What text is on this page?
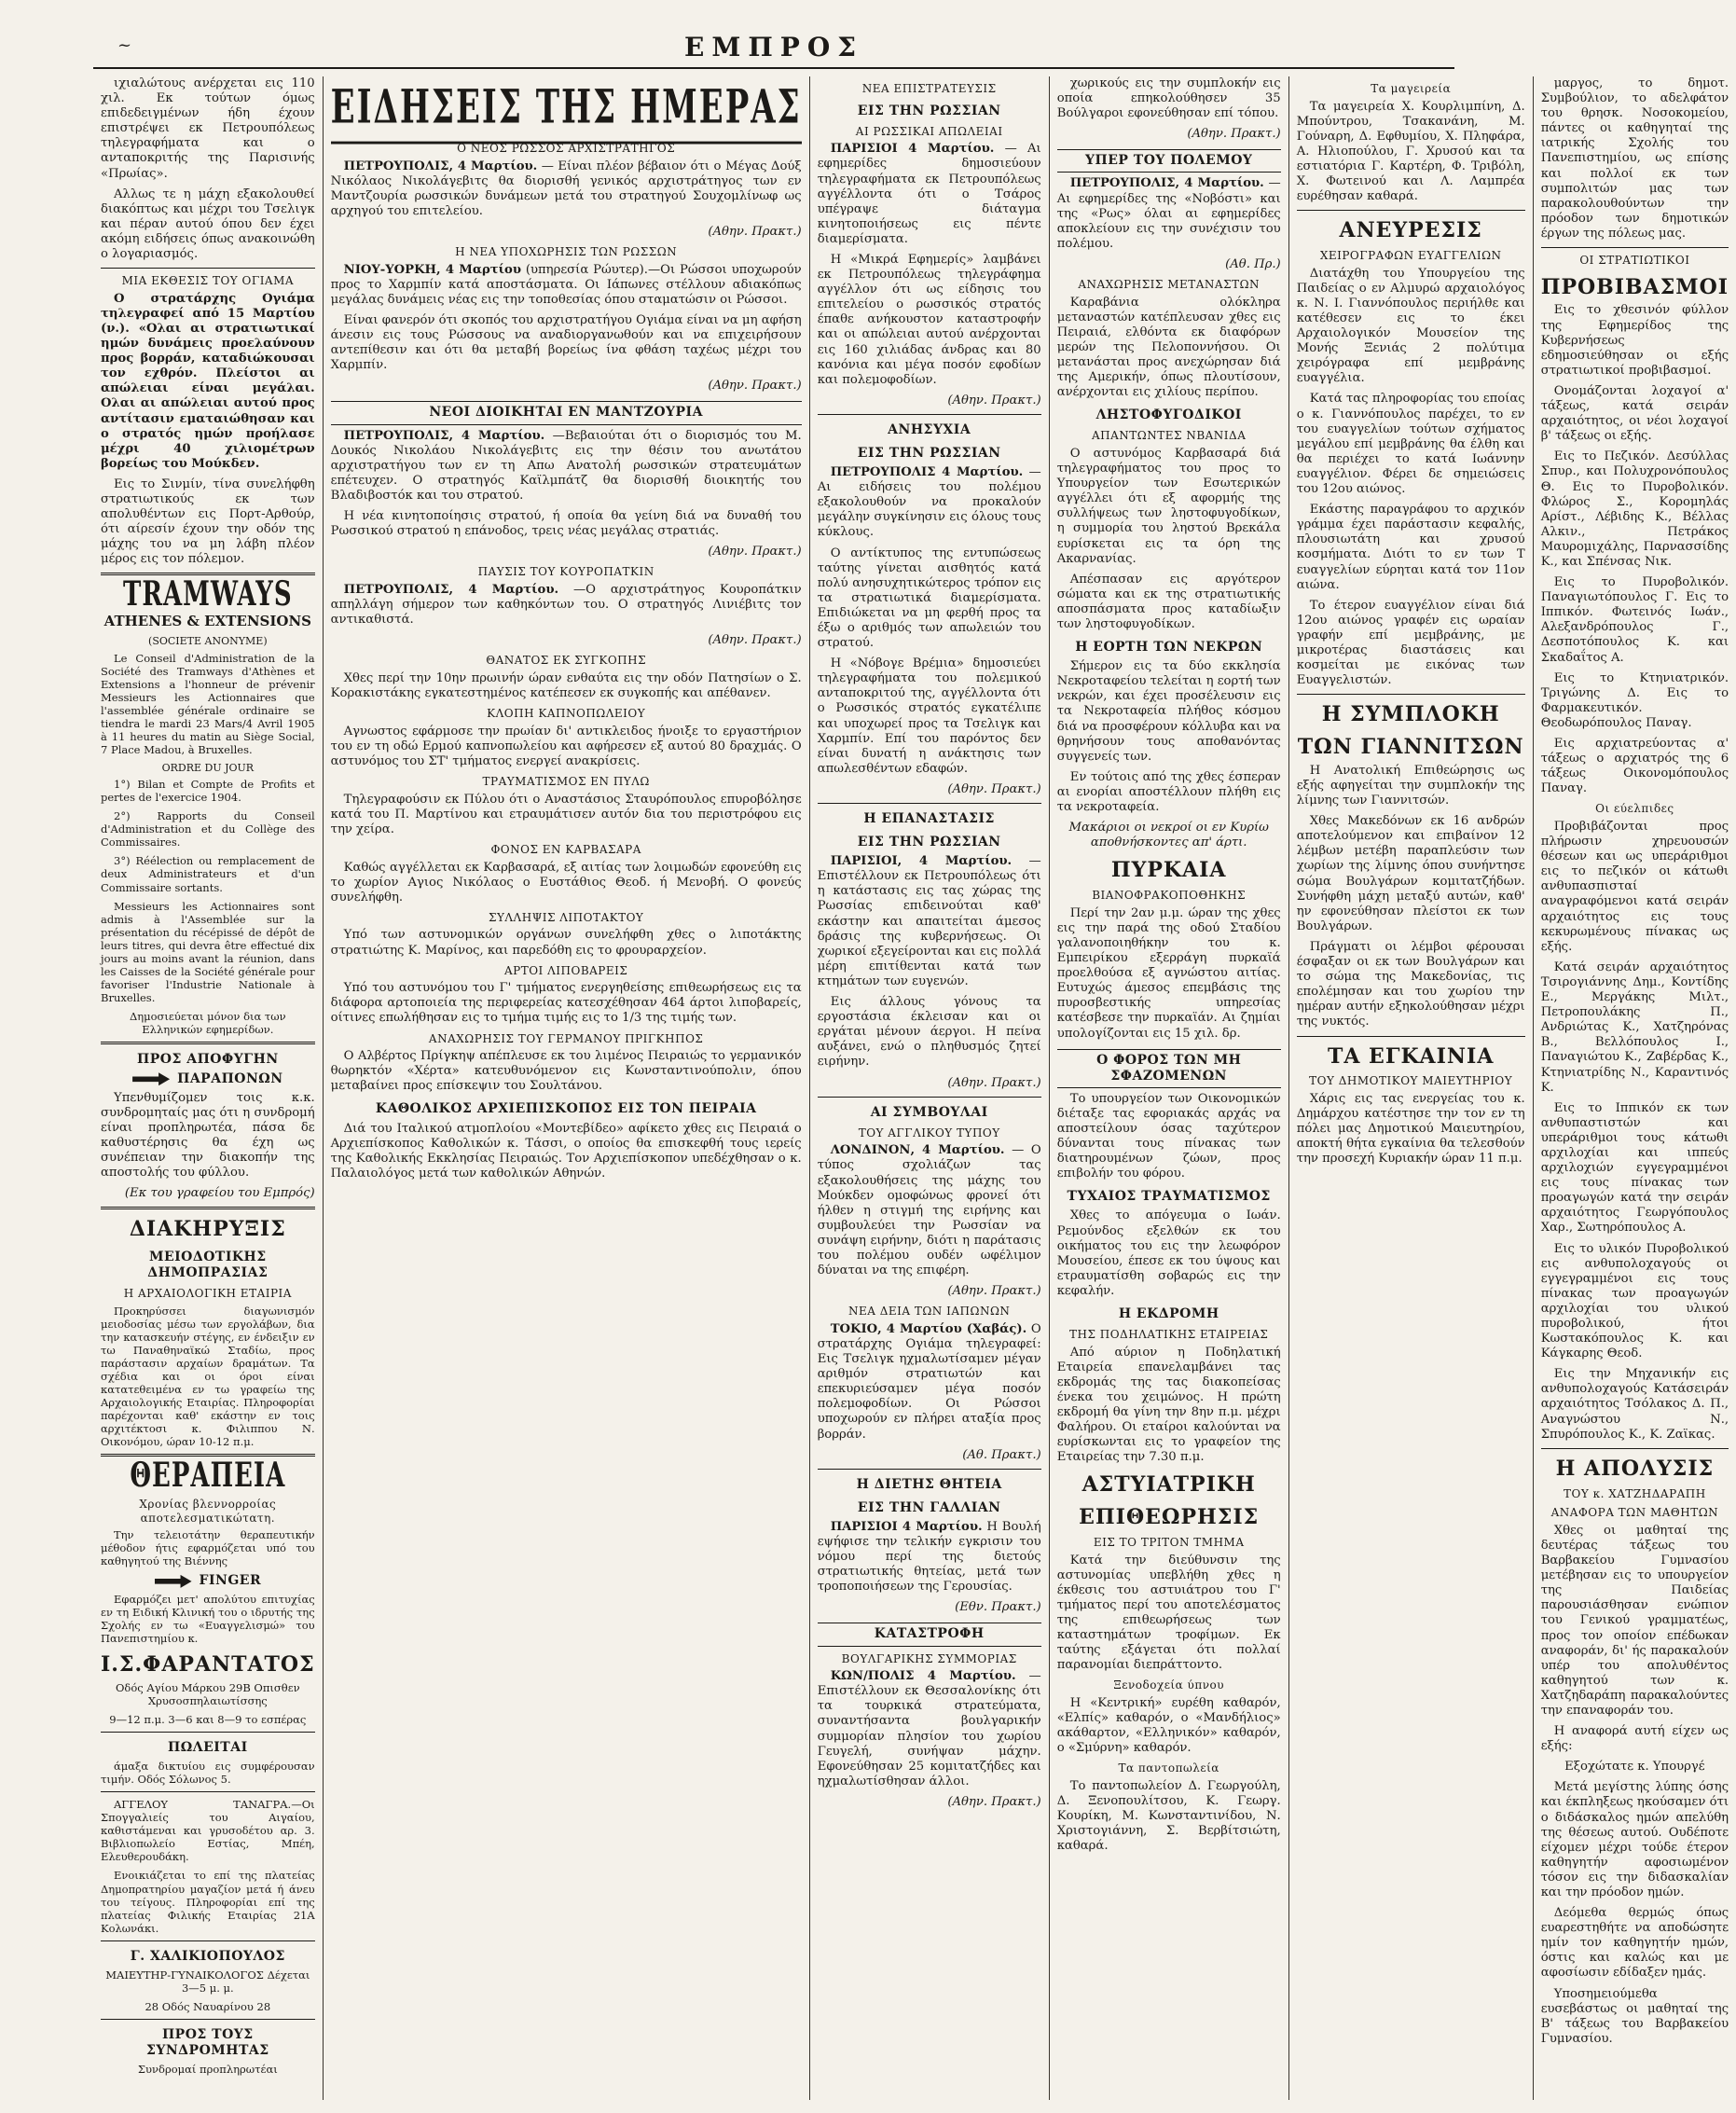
~	ΕΜΠΡΟΣ

ιχιαλώτους ανέρχεται εις 110 χιλ. Εκ τούτων όμως επιδεδειγμένων ήδη έχουν επιστρέψει εκ Πετρουπόλεως τηλεγραφήματα και ο ανταποκριτής της Παρισινής «Πρωίας».

Αλλως τε η μάχη εξακολουθεί διακόπτως και μέχρι του Τσελιγκ και πέραν αυτού όπου δεν έχει ακόμη ειδήσεις όπως ανακοινώθη ο λογαριασμός.

ΜΙΑ ΕΚΘΕΣΙΣ ΤΟΥ ΟΓΙΑΜΑ

Ο στρατάρχης Ογιάμα τηλεγραφεί από 15 Μαρτίου (ν.). «Ολαι αι στρατιωτικαί ημών δυνάμεις προελαύνουν προς βορράν, καταδιώκουσαι τον εχθρόν. Πλείστοι αι απώλειαι είναι μεγάλαι. Ολαι αι απώλειαι αυτού προς αντίτασιν εματαιώθησαν και ο στρατός ημών προήλασε μέχρι 40 χιλιομέτρων βορείως του Μούκδεν.

Εις το Σινμίν, τίνα συνελήφθη στρατιωτικούς εκ των απολυθέντων εις Πορτ-Αρθούρ, ότι αίρεσίν έχουν την οδόν της μάχης του να μη λάβη πλέον μέρος εις τον πόλεμον.

TRAMWAYS
ATHENES & EXTENSIONS
(SOCIETE ANONYME)

Le Conseil d'Administration de la Société des Tramways d'Athènes et Extensions a l'honneur de prévenir Messieurs les Actionnaires que l'assemblée générale ordinaire se tiendra le mardi 23 Mars/4 Avril 1905 à 11 heures du matin au Siège Social, 7 Place Madou, à Bruxelles.

ORDRE DU JOUR

1°) Bilan et Compte de Profits et pertes de l'exercice 1904.

2°) Rapports du Conseil d'Administration et du Collège des Commissaires.

3°) Réélection ou remplacement de deux Administrateurs et d'un Commissaire sortants.

Messieurs les Actionnaires sont admis à l'Assemblée sur la présentation du récépissé de dépôt de leurs titres, qui devra être effectué dix jours au moins avant la réunion, dans les Caisses de la Société générale pour favoriser l'Industrie Nationale à Bruxelles.

Δημοσιεύεται μόνον δια των Ελληνικών εφημερίδων.

ΠΡΟΣ ΑΠΟΦΥΓΗΝ
ΠΑΡΑΠΟΝΩΝ

Υπενθυμίζομεν τοις κ.κ. συνδρομηταίς μας ότι η συνδρομή είναι προπληρωτέα, πάσα δε καθυστέρησις θα έχη ως συνέπειαν την διακοπήν της αποστολής του φύλλου.

(Εκ του γραφείου του Εμπρός)

ΔΙΑΚΗΡΥΞΙΣ
ΜΕΙΟΔΟΤΙΚΗΣ ΔΗΜΟΠΡΑΣΙΑΣ
Η ΑΡΧΑΙΟΛΟΓΙΚΗ ΕΤΑΙΡΙΑ

Προκηρύσσει διαγωνισμόν μειοδοσίας μέσω των εργολάβων, δια την κατασκευήν στέγης, εν ένδειξιν εν τω Παναθηναϊκώ Σταδίω, προς παράστασιν αρχαίων δραμάτων. Τα σχέδια και οι όροι είναι κατατεθειμένα εν τω γραφείω της Αρχαιολογικής Εταιρίας. Πληροφορίαι παρέχονται καθ' εκάστην εν τοις αρχιτέκτοσι κ. Φιλιππου Ν. Οικονόμου, ώραν 10-12 π.μ.

ΘΕΡΑΠΕΙΑ
Χρονίας βλεννορροίας αποτελεσματικώτατη.

Την τελειοτάτην θεραπευτικήν μέθοδον ήτις εφαρμόζεται υπό του καθηγητού της Βιέννης

FINGER

Εφαρμόζει μετ' απολύτου επιτυχίας εν τη Ειδική Κλινική του ο ιδρυτής της Σχολής εν τω «Ευαγγελισμώ» του Πανεπιστημίου κ.

Ι.Σ.ΦΑΡΑΝΤΑΤΟΣ

Οδός Αγίου Μάρκου 29Β Οπισθεν Χρυσοσπηλαιωτίσσης

9—12 π.μ. 3—6 και 8—9 το εσπέρας

ΠΩΛΕΙΤΑΙ

άμαξα δικτυίου εις συμφέρουσαν τιμήν. Οδός Σόλωνος 5.

ΑΓΓΕΛΟΥ ΤΑΝΑΓΡΑ.—Οι Σπογγαλιείς του Αιγαίου, καθιστάμεναι και γρυσοδέτου αρ. 3. Βιβλιοπωλείο Εστίας, Μπέη, Ελευθερουδάκη.

Ενοικιάζεται το επί της πλατείας Δημοπρατηρίου μαγαζίον μετά ή άνευ του τείγους. Πληροφορίαι επί της πλατείας Φιλικής Εταιρίας 21Α Κολωνάκι.

Γ. ΧΑΛΙΚΙΟΠΟΥΛΟΣ

ΜΑΙΕΥΤΗΡ-ΓΥΝΑΙΚΟΛΟΓΟΣ Δέχεται 3—5 μ. μ.

28 Οδός Ναυαρίνου 28

ΠΡΟΣ ΤΟΥΣ ΣΥΝΔΡΟΜΗΤΑΣ

Συνδρομαί προπληρωτέαι

ΕΙΔΗΣΕΙΣ ΤΗΣ ΗΜΕΡΑΣ
Ο ΝΕΟΣ ΡΩΣΣΟΣ ΑΡΧΙΣΤΡΑΤΗΓΟΣ

ΠΕΤΡΟΥΠΟΛΙΣ, 4 Μαρτίου. — Είναι πλέον βέβαιον ότι ο Μέγας Δούξ Νικόλαος Νικολάγεβιτς θα διορισθή γενικός αρχιστράτηγος των εν Μαντζουρία ρωσσικών δυνάμεων μετά του στρατηγού Σουχομλίνωφ ως αρχηγού του επιτελείου.

(Αθην. Πρακτ.)

Η ΝΕΑ ΥΠΟΧΩΡΗΣΙΣ ΤΩΝ ΡΩΣΣΩΝ

ΝΙΟΥ-ΥΟΡΚΗ, 4 Μαρτίου (υπηρεσία Ρώυτερ).—Οι Ρώσσοι υποχωρούν προς το Χαρμπίν κατά αποστάσματα. Οι Ιάπωνες στέλλουν αδιακόπως μεγάλας δυνάμεις νέας εις την τοποθεσίας όπου σταματώσιν οι Ρώσσοι.

Είναι φανερόν ότι σκοπός του αρχιστρατήγου Ογιάμα είναι να μη αφήση άνεσιν εις τους Ρώσσους να αναδιοργανωθούν και να επιχειρήσουν αντεπίθεσιν και ότι θα μεταβή βορείως ίνα φθάση ταχέως μέχρι του Χαρμπίν.

(Αθην. Πρακτ.)

ΝΕΟΙ ΔΙΟΙΚΗΤΑΙ ΕΝ ΜΑΝΤΖΟΥΡΙΑ

ΠΕΤΡΟΥΠΟΛΙΣ, 4 Μαρτίου. —Βεβαιούται ότι ο διορισμός του Μ. Δουκός Νικολάου Νικολάγεβιτς εις την θέσιν του ανωτάτου αρχιστρατήγου των εν τη Απω Ανατολή ρωσσικών στρατευμάτων επέτευχεν. Ο στρατηγός Καϊλμπάτζ θα διορισθή διοικητής του Βλαδιβοστόκ και του στρατού.

Η νέα κινητοποίησις στρατού, ή οποία θα γείνη διά να δυναθή του Ρωσσικού στρατού η επάνοδος, τρεις νέας μεγάλας στρατιάς.

(Αθην. Πρακτ.)

ΠΑΥΣΙΣ ΤΟΥ ΚΟΥΡΟΠΑΤΚΙΝ

ΠΕΤΡΟΥΠΟΛΙΣ, 4 Μαρτίου. —Ο αρχιστράτηγος Κουροπάτκιν απηλλάγη σήμερον των καθηκόντων του. Ο στρατηγός Λινιέβιτς τον αντικαθιστά.

(Αθην. Πρακτ.)

ΘΑΝΑΤΟΣ ΕΚ ΣΥΓΚΟΠΗΣ

Χθες περί την 10ην πρωινήν ώραν ενθαύτα εις την οδόν Πατησίων ο Σ. Κορακιστάκης εγκατεστημένος κατέπεσεν εκ συγκοπής και απέθανεν.

ΚΛΟΠΗ ΚΑΠΝΟΠΩΛΕΙΟΥ

Αγνωστος εφάρμοσε την πρωίαν δι' αντικλειδος ήνοιξε το εργαστήριον του εν τη οδώ Ερμού καπνοπωλείου και αφήρεσεν εξ αυτού 80 δραχμάς. Ο αστυνόμος του ΣΤ' τμήματος ενεργεί ανακρίσεις.

ΤΡΑΥΜΑΤΙΣΜΟΣ ΕΝ ΠΥΛΩ

Τηλεγραφούσιν εκ Πύλου ότι ο Αναστάσιος Σταυρόπουλος επυροβόλησε κατά του Π. Μαρτίνου και ετραυμάτισεν αυτόν δια του περιστρόφου εις την χείρα.

ΦΟΝΟΣ ΕΝ ΚΑΡΒΑΣΑΡΑ

Καθώς αγγέλλεται εκ Καρβασαρά, εξ αιτίας των λοιμωδών εφονεύθη εις το χωρίον Αγιος Νικόλαος ο Ευστάθιος Θεοδ. ή Μενοβή. Ο φονεύς συνελήφθη.

ΣΥΛΛΗΨΙΣ ΛΙΠΟΤΑΚΤΟΥ

Υπό των αστυνομικών οργάνων συνελήφθη χθες ο λιποτάκτης στρατιώτης Κ. Μαρίνος, και παρεδόθη εις το φρουραρχείον.

ΑΡΤΟΙ ΛΙΠΟΒΑΡΕΙΣ

Υπό του αστυνόμου του Γ' τμήματος ενεργηθείσης επιθεωρήσεως εις τα διάφορα αρτοποιεία της περιφερείας κατεσχέθησαν 464 άρτοι λιποβαρείς, οίτινες επωλήθησαν εις το τμήμα τιμής εις το 1/3 της τιμής των.

ΑΝΑΧΩΡΗΣΙΣ ΤΟΥ ΓΕΡΜΑΝΟΥ ΠΡΙΓΚΗΠΟΣ

Ο Αλβέρτος Πρίγκηψ απέπλευσε εκ του λιμένος Πειραιώς το γερμανικόν θωρηκτόν «Χέρτα» κατευθυνόμενον εις Κωνσταντινούπολιν, όπου μεταβαίνει προς επίσκεψιν του Σουλτάνου.

ΚΑΘΟΛΙΚΟΣ ΑΡΧΙΕΠΙΣΚΟΠΟΣ ΕΙΣ ΤΟΝ ΠΕΙΡΑΙΑ

Διά του Ιταλικού ατμοπλοίου «Μοντεβίδεο» αφίκετο χθες εις Πειραιά ο Αρχιεπίσκοπος Καθολικών κ. Τάσσι, ο οποίος θα επισκεφθή τους ιερείς της Καθολικής Εκκλησίας Πειραιώς. Τον Αρχιεπίσκοπον υπεδέχθησαν ο κ. Παλαιολόγος μετά των καθολικών Αθηνών.

ΝΕΑ ΕΠΙΣΤΡΑΤΕΥΣΙΣ
ΕΙΣ ΤΗΝ ΡΩΣΣΙΑΝ
ΑΙ ΡΩΣΣΙΚΑΙ ΑΠΩΛΕΙΑΙ

ΠΑΡΙΣΙΟΙ 4 Μαρτίου. — Αι εφημερίδες δημοσιεύουν τηλεγραφήματα εκ Πετρουπόλεως αγγέλλοντα ότι ο Τσάρος υπέγραψε διάταγμα κινητοποιήσεως εις πέντε διαμερίσματα.

Η «Μικρά Εφημερίς» λαμβάνει εκ Πετρουπόλεως τηλεγράφημα αγγέλλον ότι ως είδησις του επιτελείου ο ρωσσικός στρατός έπαθε ανήκουστον καταστροφήν και οι απώλειαι αυτού ανέρχονται εις 160 χιλιάδας άνδρας και 80 κανόνια και μέγα ποσόν εφοδίων και πολεμοφοδίων.

(Αθην. Πρακτ.)

ΑΝΗΣΥΧΙΑ
ΕΙΣ ΤΗΝ ΡΩΣΣΙΑΝ

ΠΕΤΡΟΥΠΟΛΙΣ 4 Μαρτίου. —Αι ειδήσεις του πολέμου εξακολουθούν να προκαλούν μεγάλην συγκίνησιν εις όλους τους κύκλους.

Ο αντίκτυπος της εντυπώσεως ταύτης γίνεται αισθητός κατά πολύ ανησυχητικώτερος τρόπον εις τα στρατιωτικά διαμερίσματα. Επιδιώκεται να μη φερθή προς τα έξω ο αριθμός των απωλειών του στρατού.

Η «Νόβογε Βρέμια» δημοσιεύει τηλεγραφήματα του πολεμικού ανταποκριτού της, αγγέλλοντα ότι ο Ρωσσικός στρατός εγκατέλιπε και υποχωρεί προς τα Τσελιγκ και Χαρμπίν. Επί του παρόντος δεν είναι δυνατή η ανάκτησις των απωλεσθέντων εδαφών.

(Αθην. Πρακτ.)

Η ΕΠΑΝΑΣΤΑΣΙΣ
ΕΙΣ ΤΗΝ ΡΩΣΣΙΑΝ

ΠΑΡΙΣΙΟΙ, 4 Μαρτίου. —Επιστέλλουν εκ Πετρουπόλεως ότι η κατάστασις εις τας χώρας της Ρωσσίας επιδεινούται καθ' εκάστην και απαιτείται άμεσος δράσις της κυβερνήσεως. Οι χωρικοί εξεγείρονται και εις πολλά μέρη επιτίθενται κατά των κτημάτων των ευγενών.

Εις άλλους γόνους τα εργοστάσια έκλεισαν και οι εργάται μένουν άεργοι. Η πείνα αυξάνει, ενώ ο πληθυσμός ζητεί ειρήνην.

(Αθην. Πρακτ.)

ΑΙ ΣΥΜΒΟΥΛΑΙ
ΤΟΥ ΑΓΓΛΙΚΟΥ ΤΥΠΟΥ

ΛΟΝΔΙΝΟΝ, 4 Μαρτίου. — Ο τύπος σχολιάζων τας εξακολουθήσεις της μάχης του Μούκδεν ομοφώνως φρονεί ότι ήλθεν η στιγμή της ειρήνης και συμβουλεύει την Ρωσσίαν να συνάψη ειρήνην, διότι η παράτασις του πολέμου ουδέν ωφέλιμον δύναται να της επιφέρη.

(Αθην. Πρακτ.)

ΝΕΑ ΔΕΙΑ ΤΩΝ ΙΑΠΩΝΩΝ

ΤΟΚΙΟ, 4 Μαρτίου (Χαβάς). Ο στρατάρχης Ογιάμα τηλεγραφεί: Εις Τσελιγκ ηχμαλωτίσαμεν μέγαν αριθμόν στρατιωτών και επεκυριεύσαμεν μέγα ποσόν πολεμοφοδίων. Οι Ρώσσοι υποχωρούν εν πλήρει αταξία προς βορράν.

(Αθ. Πρακτ.)

Η ΔΙΕΤΗΣ ΘΗΤΕΙΑ
ΕΙΣ ΤΗΝ ΓΑΛΛΙΑΝ

ΠΑΡΙΣΙΟΙ 4 Μαρτίου. Η Βουλή εψήφισε την τελικήν εγκρισιν του νόμου περί της διετούς στρατιωτικής θητείας, μετά των τροποποιήσεων της Γερουσίας.

(Εθν. Πρακτ.)

ΚΑΤΑΣΤΡΟΦΗ
ΒΟΥΛΓΑΡΙΚΗΣ ΣΥΜΜΟΡΙΑΣ

ΚΩΝ/ΠΟΛΙΣ 4 Μαρτίου. —Επιστέλλουν εκ Θεσσαλονίκης ότι τα τουρκικά στρατεύματα, συναντήσαντα βουλγαρικήν συμμορίαν πλησίον του χωρίου Γευγελή, συνήψαν μάχην. Εφονεύθησαν 25 κομιτατζήδες και ηχμαλωτίσθησαν άλλοι.

(Αθην. Πρακτ.)

χωρικούς εις την συμπλοκήν εις οποία επηκολούθησεν 35 Βούλγαροι εφονεύθησαν επί τόπου.

(Αθην. Πρακτ.)

ΥΠΕΡ ΤΟΥ ΠΟΛΕΜΟΥ

ΠΕΤΡΟΥΠΟΛΙΣ, 4 Μαρτίου. — Αι εφημερίδες της «Νοβόστι» και της «Ρως» όλαι αι εφημερίδες αποκλείουν εις την συνέχισιν του πολέμου.

(Αθ. Πρ.)

ΑΝΑΧΩΡΗΣΙΣ ΜΕΤΑΝΑΣΤΩΝ

Καραβάνια ολόκληρα μεταναστών κατέπλευσαν χθες εις Πειραιά, ελθόντα εκ διαφόρων μερών της Πελοποννήσου. Οι μετανάσται προς ανεχώρησαν διά της Αμερικήν, όπως πλουτίσουν, ανέρχονται εις χιλίους περίπου.

ΛΗΣΤΟΦΥΓΟΔΙΚΟΙ
ΑΠΑΝΤΩΝΤΕΣ ΝΒΑΝΙΔΑ

Ο αστυνόμος Καρβασαρά διά τηλεγραφήματος του προς το Υπουργείον των Εσωτερικών αγγέλλει ότι εξ αφορμής της συλλήψεως των ληστοφυγοδίκων, η συμμορία του ληστού Βρεκάλα ευρίσκεται εις τα όρη της Ακαρνανίας.

Απέσπασαν εις αργότερον σώματα και εκ της στρατιωτικής αποσπάσματα προς καταδίωξιν των ληστοφυγοδίκων.

Η ΕΟΡΤΗ ΤΩΝ ΝΕΚΡΩΝ

Σήμερον εις τα δύο εκκλησία Νεκροταφείου τελείται η εορτή των νεκρών, και έχει προσέλευσιν εις τα Νεκροταφεία πλήθος κόσμου διά να προσφέρουν κόλλυβα και να θρηνήσουν τους αποθανόντας συγγενείς των.

Εν τούτοις από της χθες έσπεραν αι ενορίαι αποστέλλουν πλήθη εις τα νεκροταφεία.

Μακάριοι οι νεκροί οι εν Κυρίω αποθνήσκοντες απ' άρτι.

ΠΥΡΚΑΙΑ
ΒΙΑΝΟΦΡΑΚΟΠΟΘΗΚΗΣ

Περί την 2αν μ.μ. ώραν της χθες εις την παρά της οδού Σταδίου γαλανοποιηθήκην του κ. Εμπειρίκου εξερράγη πυρκαϊά προελθούσα εξ αγνώστου αιτίας. Ευτυχώς άμεσος επεμβάσις της πυροσβεστικής υπηρεσίας κατέσβεσε την πυρκαϊάν. Αι ζημίαι υπολογίζονται εις 15 χιλ. δρ.

Ο ΦΟΡΟΣ ΤΩΝ ΜΗ ΣΦΑΖΟΜΕΝΩΝ

Το υπουργείον των Οικονομικών διέταξε τας εφοριακάς αρχάς να αποστείλουν όσας ταχύτερον δύνανται τους πίνακας των διατηρουμένων ζώων, προς επιβολήν του φόρου.

ΤΥΧΑΙΟΣ ΤΡΑΥΜΑΤΙΣΜΟΣ

Χθες το απόγευμα ο Ιωάν. Ρεμούνδος εξελθών εκ του οικήματος του εις την λεωφόρον Μουσείου, έπεσε εκ του ύψους και ετραυματίσθη σοβαρώς εις την κεφαλήν.

Η ΕΚΔΡΟΜΗ
ΤΗΣ ΠΟΔΗΛΑΤΙΚΗΣ ΕΤΑΙΡΕΙΑΣ

Από αύριον η Ποδηλατική Εταιρεία επανελαμβάνει τας εκδρομάς της τας διακοπείσας ένεκα του χειμώνος. Η πρώτη εκδρομή θα γίνη την 8ην π.μ. μέχρι Φαλήρου. Οι εταίροι καλούνται να ευρίσκωνται εις το γραφείον της Εταιρείας την 7.30 π.μ.

ΑΣΤΥΙΑΤΡΙΚΗ
ΕΠΙΘΕΩΡΗΣΙΣ
ΕΙΣ ΤΟ ΤΡΙΤΟΝ ΤΜΗΜΑ

Κατά την διεύθυνσιν της αστυνομίας υπεβλήθη χθες η έκθεσις του αστυιάτρου του Γ' τμήματος περί του αποτελέσματος της επιθεωρήσεως των καταστημάτων τροφίμων. Εκ ταύτης εξάγεται ότι πολλαί παρανομίαι διεπράττοντο.

Ξενοδοχεία ύπνου

Η «Κεντρική» ευρέθη καθαρόν, «Ελπίς» καθαρόν, ο «Μανδήλιος» ακάθαρτον, «Ελληνικόν» καθαρόν, ο «Σμύρνη» καθαρόν.

Τα παντοπωλεία

Το παντοπωλείον Δ. Γεωργούλη, Δ. Ξενοπουλίτσου, Κ. Γεωργ. Κουρίκη, Μ. Κωνσταντινίδου, Ν. Χριστογιάννη, Σ. Βερβίτσιώτη, καθαρά.

Τα μαγειρεία

Τα μαγειρεία Χ. Κουρλιμπίνη, Δ. Μπούντρου, Τσακανάνη, Μ. Γούναρη, Δ. Εφθυμίου, Χ. Πληφάρα, Α. Ηλιοπούλου, Γ. Χρυσού και τα εστιατόρια Γ. Καρτέρη, Φ. Τριβόλη, Χ. Φωτεινού και Λ. Λαμπρέα ευρέθησαν καθαρά.

ΑΝΕΥΡΕΣΙΣ
ΧΕΙΡΟΓΡΑΦΩΝ ΕΥΑΓΓΕΛΙΩΝ

Διατάχθη του Υπουργείου της Παιδείας ο εν Αλμυρώ αρχαιολόγος κ. Ν. Ι. Γιαννόπουλος περιήλθε και κατέθεσεν εις το έκει Αρχαιολογικόν Μουσείον της Μονής Ξενιάς 2 πολύτιμα χειρόγραφα επί μεμβράνης ευαγγέλια.

Κατά τας πληροφορίας του εποίας ο κ. Γιαννόπουλος παρέχει, το εν του ευαγγελίων τούτων σχήματος μεγάλου επί μεμβράνης θα έλθη και θα περιέχει το κατά Ιωάννην ευαγγέλιον. Φέρει δε σημειώσεις του 12ου αιώνος.

Εκάστης παραγράφου το αρχικόν γράμμα έχει παράστασιν κεφαλής, πλουσιωτάτη και χρυσού κοσμήματα. Διότι το εν των Τ ευαγγελίων εύρηται κατά τον 11ον αιώνα.

Το έτερον ευαγγέλιον είναι διά 12ου αιώνος γραφέν εις ωραίαν γραφήν επί μεμβράνης, με μικροτέρας διαστάσεις και κοσμείται με εικόνας των Ευαγγελιστών.

Η ΣΥΜΠΛΟΚΗ
ΤΩΝ ΓΙΑΝΝΙΤΣΩΝ

Η Ανατολική Επιθεώρησις ως εξής αφηγείται την συμπλοκήν της λίμνης των Γιαννιτσών.

Χθες Μακεδόνων εκ 16 ανδρών αποτελούμενον και επιβαίνον 12 λέμβων μετέβη παραπλεύσιν των χωρίων της λίμνης όπου συνήντησε σώμα Βουλγάρων κομιτατζήδων. Συνήφθη μάχη μεταξύ αυτών, καθ' ην εφονεύθησαν πλείστοι εκ των Βουλγάρων.

Πράγματι οι λέμβοι φέρουσαι έσφαξαν οι εκ των Βουλγάρων και το σώμα της Μακεδονίας, τις επολέμησαν και του χωρίου την ημέραν αυτήν εξηκολούθησαν μέχρι της νυκτός.

ΤΑ ΕΓΚΑΙΝΙΑ
ΤΟΥ ΔΗΜΟΤΙΚΟΥ ΜΑΙΕΥΤΗΡΙΟΥ

Χάρις εις τας ενεργείας του κ. Δημάρχου κατέστησε την τον εν τη πόλει μας Δημοτικού Μαιευτηρίου, αποκτή θήτα εγκαίνια θα τελεσθούν την προσεχή Κυριακήν ώραν 11 π.μ.

μαργος, το δημοτ. Συμβούλιον, το αδελφάτον του θρησκ. Νοσοκομείου, πάντες οι καθηγηταί της ιατρικής Σχολής του Πανεπιστημίου, ως επίσης και πολλοί εκ των συμπολιτών μας των παρακολουθούντων την πρόοδον των δημοτικών έργων της πόλεως μας.

ΟΙ ΣΤΡΑΤΙΩΤΙΚΟΙ
ΠΡΟΒΙΒΑΣΜΟΙ

Εις το χθεσινόν φύλλον της Εφημερίδος της Κυβερνήσεως εδημοσιεύθησαν οι εξής στρατιωτικοί προβιβασμοί.

Ονομάζονται λοχαγοί α' τάξεως, κατά σειράν αρχαιότητος, οι νέοι λοχαγοί β' τάξεως οι εξής.

Εις το Πεζικόν. Δεσύλλας Σπυρ., και Πολυχρονόπουλος Θ. Εις το Πυροβολικόν. Φλώρος Σ., Κορομηλάς Αρίστ., Λέβιδης Κ., Βέλλας Αλκιν., Πετράκος Μαυρομιχάλης, Παρνασσίδης Κ., και Σπένσας Νικ.

Εις το Πυροβολικόν. Παναγιωτόπουλος Γ. Εις το Ιππικόν. Φωτεινός Ιωάν., Αλεξανδρόπουλος Γ., Δεσποτόπουλος Κ. και Σκαδαΐτος Α.

Εις το Κτηνιατρικόν. Τριγώνης Δ. Εις το Φαρμακευτικόν. Θεοδωρόπουλος Παναγ.

Εις αρχιατρεύοντας α' τάξεως ο αρχιατρός της 6 τάξεως Οικονομόπουλος Παναγ.

Οι εύελπιδες

Προβιβάζονται προς πλήρωσιν χηρευουσών θέσεων και ως υπεράριθμοι εις το πεζικόν οι κάτωθι ανθυπασπισταί αναγραφόμενοι κατά σειράν αρχαιότητος εις τους κεκυρωμένους πίνακας ως εξής.

Κατά σειράν αρχαιότητος Τσιρογιάννης Δημ., Κοντίδης Ε., Μεργάκης Μιλτ., Πετροπουλάκης Π., Ανδριώτας Κ., Χατζηρόνας Β., Βελλόπουλος Ι., Παναγιώτου Κ., Ζαβέρδας Κ., Κτηνιατρίδης Ν., Καραντινός Κ.

Εις το Ιππικόν εκ των ανθυπαστιστών και υπεράριθμοι τους κάτωθι αρχιλοχίαι και ιππεύς αρχιλοχιών εγγεγραμμένοι εις τους πίνακας των προαγωγών κατά την σειράν αρχαιότητος Γεωργόπουλος Χαρ., Σωτηρόπουλος Α.

Εις το υλικόν Πυροβολικού εις ανθυπολοχαγούς οι εγγεγραμμένοι εις τους πίνακας των προαγωγών αρχιλοχίαι του υλικού πυροβολικού, ήτοι Κωστακόπουλος Κ. και Κάγκαρης Θεοδ.

Εις την Μηχανικήν εις ανθυπολοχαγούς Κατάσειράν αρχαιότητος Τσόλακος Δ. Π., Αναγνώστου Ν., Σπυρόπουλος Κ., Κ. Ζαϊκας.

Η ΑΠΟΛΥΣΙΣ
ΤΟΥ κ. ΧΑΤΖΗΔΑΡΑΠΗ
ΑΝΑΦΟΡΑ ΤΩΝ ΜΑΘΗΤΩΝ

Χθες οι μαθηταί της δευτέρας τάξεως του Βαρβακείου Γυμνασίου μετέβησαν εις το υπουργείον της Παιδείας παρουσιάσθησαν ενώπιον του Γενικού γραμματέως, προς τον οποίον επέδωκαν αναφοράν, δι' ής παρακαλούν υπέρ του απολυθέντος καθηγητού των κ. Χατζηδαράπη παρακαλούντες την επαναφοράν του.

Η αναφορά αυτή είχεν ως εξής:

Εξοχώτατε κ. Υπουργέ

Μετά μεγίστης λύπης όσης και έκπληξεως ηκούσαμεν ότι ο διδάσκαλος ημών απελύθη της θέσεως αυτού. Ουδέποτε είχομεν μέχρι τούδε έτερον καθηγητήν αφοσιωμένον τόσον εις την διδασκαλίαν και την πρόοδον ημών.

Δεόμεθα θερμώς όπως ευαρεστηθήτε να αποδώσητε ημίν τον καθηγητήν ημών, όστις και καλώς και με αφοσίωσιν εδίδαξεν ημάς.

Υποσημειούμεθα ευσεβάστως οι μαθηταί της Β' τάξεως του Βαρβακείου Γυμνασίου.
